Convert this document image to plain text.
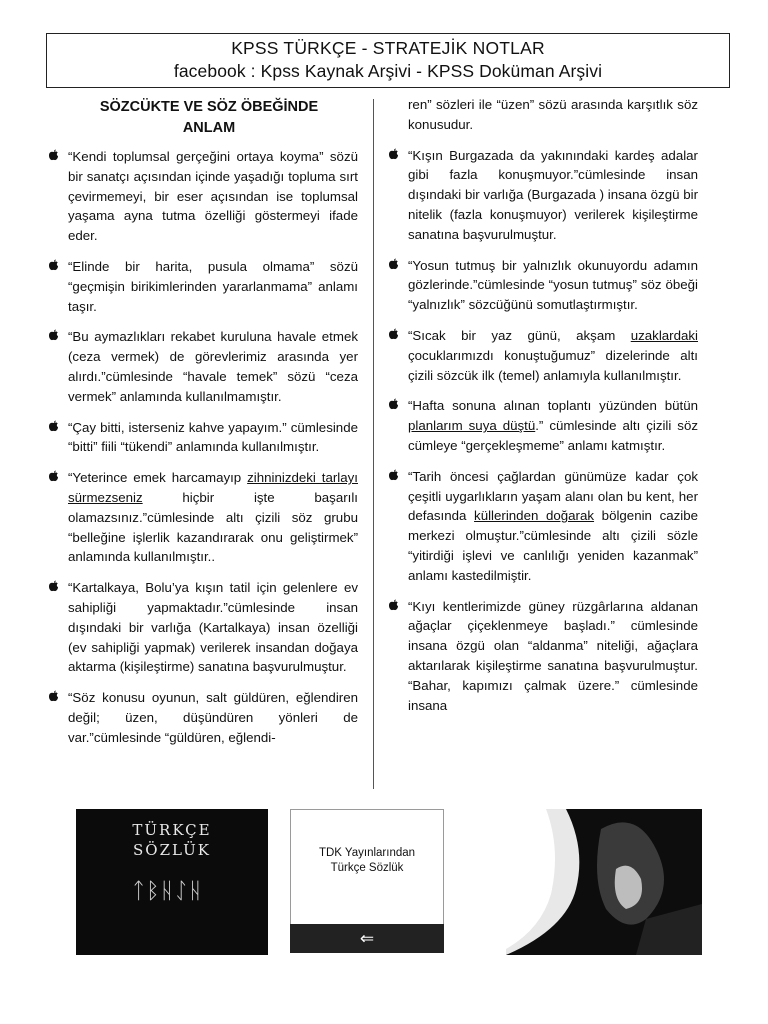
KPSS TÜRKÇE - STRATEJİK NOTLAR
facebook : Kpss Kaynak Arşivi - KPSS Doküman Arşivi
SÖZCÜKTE VE SÖZ ÖBEĞİNDE
ANLAM
“Kendi toplumsal gerçeğini ortaya koyma” sözü bir sanatçı açısından içinde yaşadığı topluma sırt çevirmemeyi, bir eser açısından ise toplumsal yaşama ayna tutma özelliği göstermeyi ifade eder.
“Elinde bir harita, pusula olmama” sözü “geçmişin birikimlerinden yararlanmama” anlamı taşır.
“Bu aymazlıkları rekabet kuruluna havale etmek (ceza vermek) de görevlerimiz arasında yer alırdı.”cümlesinde “havale temek” sözü “ceza vermek” anlamında kullanılmamıştır.
“Çay bitti, isterseniz kahve yapayım.” cümlesinde “bitti” fiili “tükendi” anlamında kullanılmıştır.
“Yeterince emek harcamayıp zihninizdeki tarlayı sürmezseniz hiçbir işte başarılı olamazsınız.”cümlesinde altı çizili söz grubu “belleğine işlerlik kazandırarak onu geliştirmek” anlamında kullanılmıştır..
“Kartalkaya, Bolu’ya kışın tatil için gelenlere ev sahipliği yapmaktadır.”cümlesinde insan dışındaki bir varlığa (Kartalkaya) insan özelliği (ev sahipliği yapmak) verilerek insandan doğaya aktarma (kişileştirme) sanatına başvurulmuştur.
“Söz konusu oyunun, salt güldüren, eğlendiren değil; üzen, düşündüren yönleri de var.”cümlesinde “güldüren, eğlendi-
ren” sözleri ile “üzen” sözü arasında karşıtlık söz konusudur.
“Kışın Burgazada da yakınındaki kardeş adalar gibi fazla konuşmuyor.”cümlesinde insan dışındaki bir varlığa (Burgazada ) insana özgü bir nitelik (fazla konuşmuyor) verilerek kişileştirme sanatına başvurulmuştur.
“Yosun tutmuş bir yalnızlık okunuyordu adamın gözlerinde.”cümlesinde “yosun tutmuş” söz öbeği “yalnızlık” sözcüğünü somutlaştırmıştır.
“Sıcak bir yaz günü, akşam uzaklardaki çocuklarımızdı konuştuğumuz” dizelerinde altı çizili sözcük ilk (temel) anlamıyla kullanılmıştır.
“Hafta sonuna alınan toplantı yüzünden bütün planlarım suya düştü.” cümlesinde altı çizili söz cümleye “gerçekleşmeme” anlamı katmıştır.
“Tarih öncesi çağlardan günümüze kadar çok çeşitli uygarlıkların yaşam alanı olan bu kent, her defasında küllerinden doğarak bölgenin cazibe merkezi olmuştur.”cümlesinde altı çizili sözle “yitirdiği işlevi ve canlılığı yeniden kazanmak” anlamı kastedilmiştir.
“Kıyı kentlerimizde güney rüzgârlarına aldanan ağaçlar çiçeklenmeye başladı.” cümlesinde insana özgü olan “aldanma” niteliği, ağaçlara aktarılarak kişileştirme sanatına başvurulmuştur. “Bahar, kapımızı çalmak üzere.” cümlesinde insana
TÜRKÇE
SÖZLÜK
ᛏᛒᚺᛇᚺ
TDK Yayınlarından
Türkçe Sözlük
⇐
